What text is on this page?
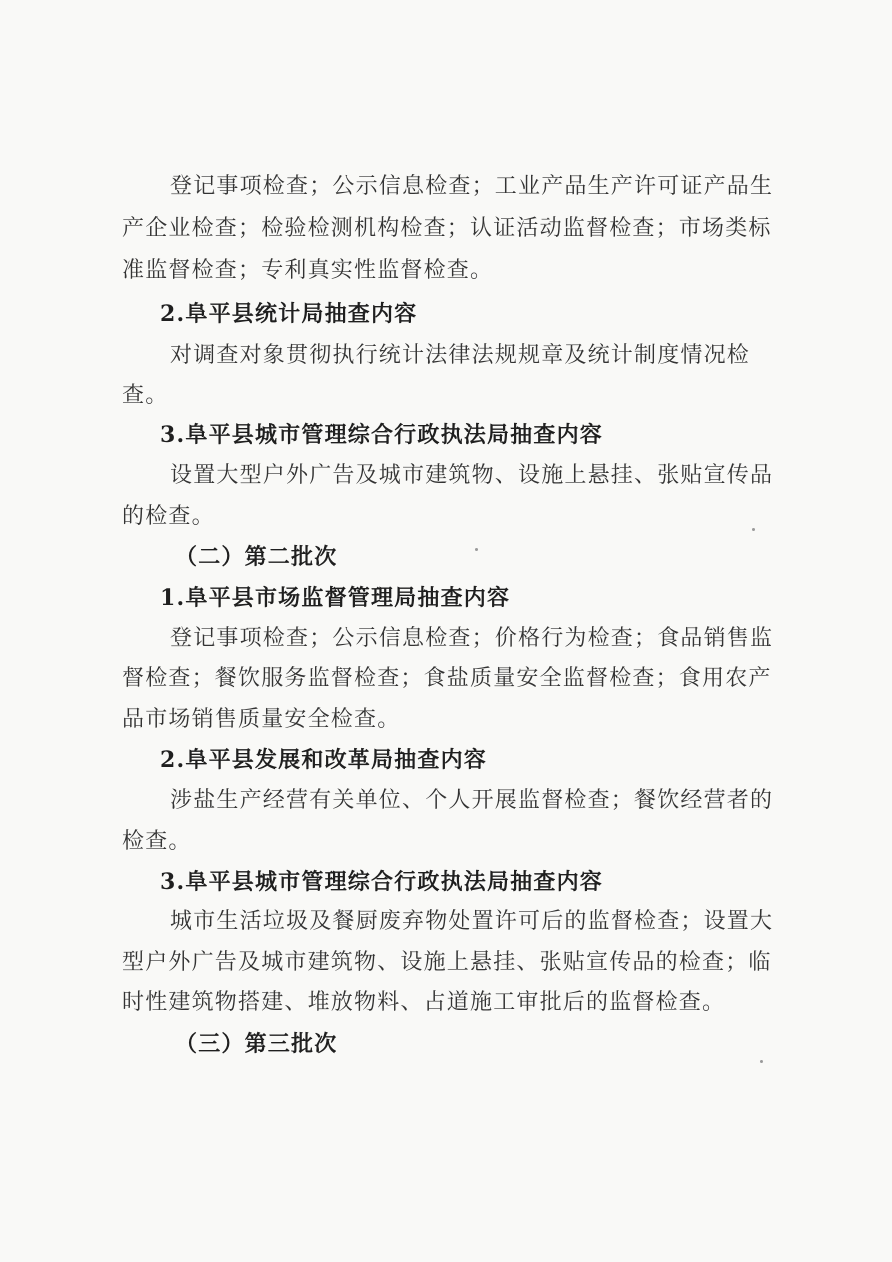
登记事项检查；公示信息检查；工业产品生产许可证产品生

产企业检查；检验检测机构检查；认证活动监督检查；市场类标

准监督检查；专利真实性监督检查。

2.阜平县统计局抽查内容

对调查对象贯彻执行统计法律法规规章及统计制度情况检

查。

3.阜平县城市管理综合行政执法局抽查内容

设置大型户外广告及城市建筑物、设施上悬挂、张贴宣传品

的检查。

（二）第二批次

1.阜平县市场监督管理局抽查内容

登记事项检查；公示信息检查；价格行为检查；食品销售监

督检查；餐饮服务监督检查；食盐质量安全监督检查；食用农产

品市场销售质量安全检查。

2.阜平县发展和改革局抽查内容

涉盐生产经营有关单位、个人开展监督检查；餐饮经营者的

检查。

3.阜平县城市管理综合行政执法局抽查内容

城市生活垃圾及餐厨废弃物处置许可后的监督检查；设置大

型户外广告及城市建筑物、设施上悬挂、张贴宣传品的检查；临

时性建筑物搭建、堆放物料、占道施工审批后的监督检查。

（三）第三批次
